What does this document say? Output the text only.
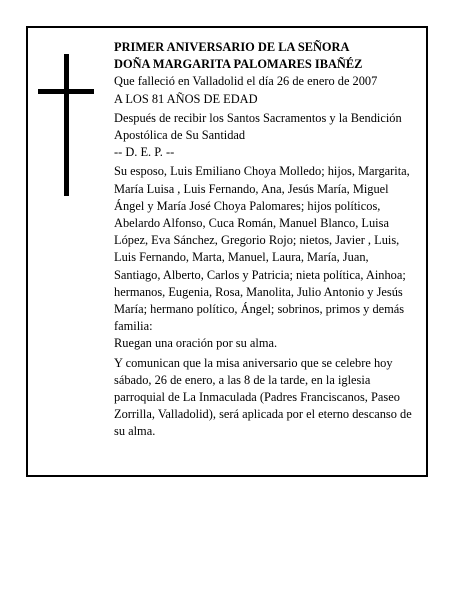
PRIMER ANIVERSARIO DE LA SEÑORA

DOÑA MARGARITA PALOMARES IBAÑÉZ

Que falleció en Valladolid el día 26 de enero de 2007

A LOS 81 AÑOS DE EDAD

Después de recibir los Santos Sacramentos y la Bendición Apostólica de Su Santidad

-- D. E. P. --

Su esposo, Luis Emiliano Choya Molledo; hijos, Margarita, María Luisa , Luis Fernando, Ana, Jesús María, Miguel Ángel y María José Choya Palomares; hijos políticos, Abelardo Alfonso, Cuca Román, Manuel Blanco, Luisa López, Eva Sánchez, Gregorio Rojo; nietos, Javier , Luis, Luis Fernando, Marta, Manuel, Laura, María, Juan, Santiago, Alberto, Carlos y Patricia; nieta política, Ainhoa; hermanos, Eugenia, Rosa, Manolita, Julio Antonio y Jesús María; hermano político, Ángel; sobrinos, primos y demás familia:

Ruegan una oración por su alma.

Y comunican que la misa aniversario que se celebre hoy sábado, 26 de enero, a las 8 de la tarde, en la iglesia parroquial de La Inmaculada (Padres Franciscanos, Paseo Zorrilla, Valladolid), será aplicada por el eterno descanso de su alma.
